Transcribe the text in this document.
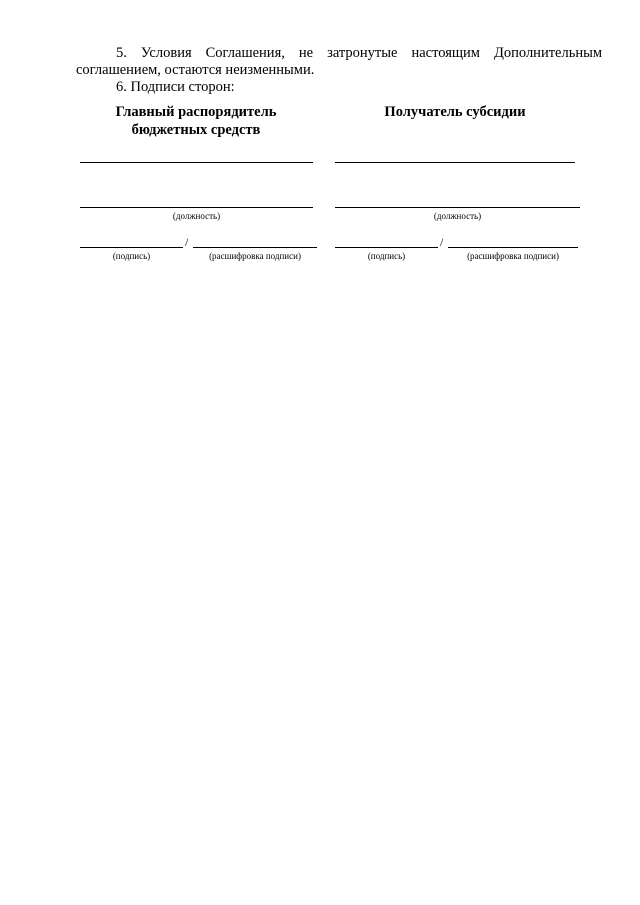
5. Условия Соглашения, не затронутые настоящим Дополнительным соглашением, остаются неизменными.
6. Подписи сторон:
Главный распорядитель
бюджетных средств
(должность)
/
(подпись)	(расшифровка подписи)
Получатель субсидии
(должность)
/
(подпись)	(расшифровка подписи)
